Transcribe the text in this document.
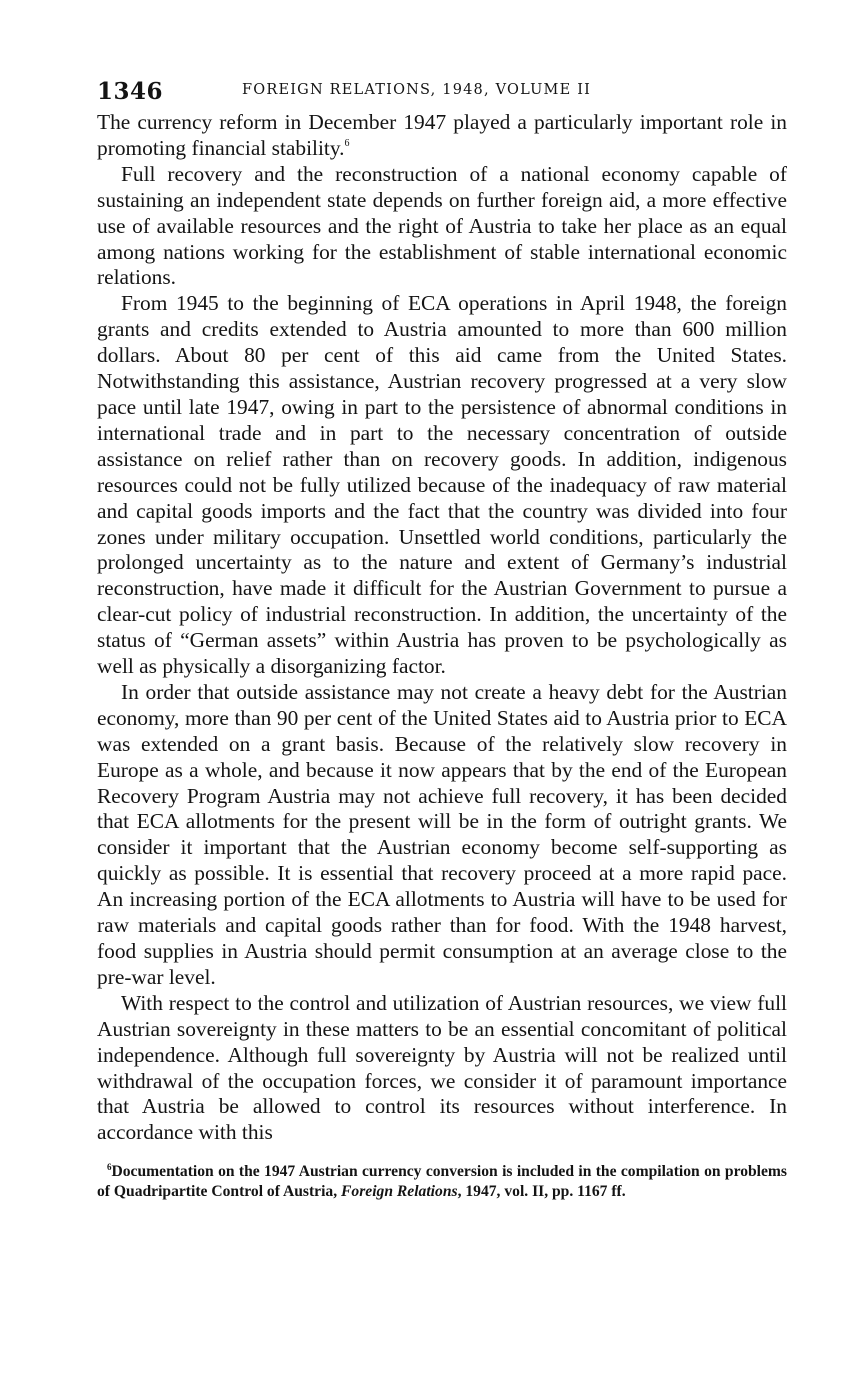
1346	FOREIGN RELATIONS, 1948, VOLUME II

The currency reform in December 1947 played a particularly important role in promoting financial stability.$^6$

Full recovery and the reconstruction of a national economy capable of sustaining an independent state depends on further foreign aid, a more effective use of available resources and the right of Austria to take her place as an equal among nations working for the establishment of stable international economic relations.

From 1945 to the beginning of ECA operations in April 1948, the foreign grants and credits extended to Austria amounted to more than 600 million dollars. About 80 per cent of this aid came from the United States. Notwithstanding this assistance, Austrian recovery progressed at a very slow pace until late 1947, owing in part to the persistence of abnormal conditions in international trade and in part to the necessary concentration of outside assistance on relief rather than on recovery goods. In addition, indigenous resources could not be fully utilized because of the inadequacy of raw material and capital goods imports and the fact that the country was divided into four zones under military occupation. Unsettled world conditions, particularly the prolonged uncertainty as to the nature and extent of Germany’s industrial reconstruction, have made it difficult for the Austrian Government to pursue a clear-cut policy of industrial reconstruction. In addition, the uncertainty of the status of “German assets” within Austria has proven to be psychologically as well as physically a disorganizing factor.

In order that outside assistance may not create a heavy debt for the Austrian economy, more than 90 per cent of the United States aid to Austria prior to ECA was extended on a grant basis. Because of the relatively slow recovery in Europe as a whole, and because it now appears that by the end of the European Recovery Program Austria may not achieve full recovery, it has been decided that ECA allotments for the present will be in the form of outright grants. We consider it important that the Austrian economy become self-supporting as quickly as possible. It is essential that recovery proceed at a more rapid pace. An increasing portion of the ECA allotments to Austria will have to be used for raw materials and capital goods rather than for food. With the 1948 harvest, food supplies in Austria should permit consumption at an average close to the pre-war level.

With respect to the control and utilization of Austrian resources, we view full Austrian sovereignty in these matters to be an essential concomitant of political independence. Although full sovereignty by Austria will not be realized until withdrawal of the occupation forces, we consider it of paramount importance that Austria be allowed to control its resources without interference. In accordance with this

$^6$Documentation on the 1947 Austrian currency conversion is included in the compilation on problems of Quadripartite Control of Austria, Foreign Relations, 1947, vol. II, pp. 1167 ff.
